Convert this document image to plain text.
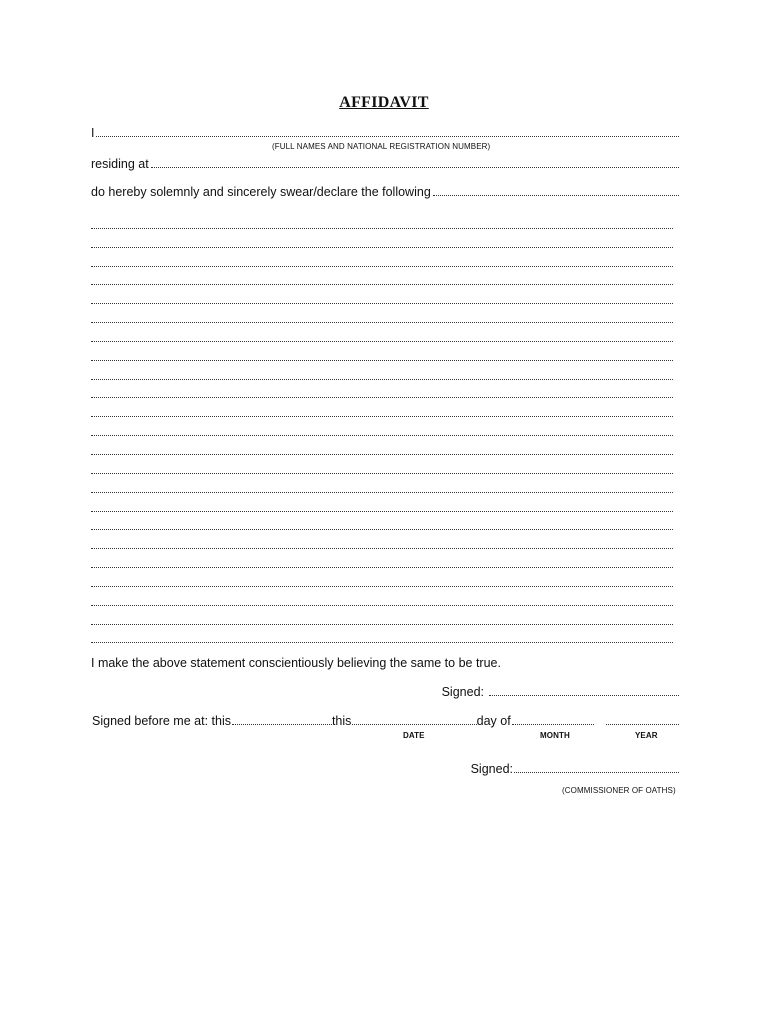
AFFIDAVIT
I
(FULL NAMES AND NATIONAL REGISTRATION NUMBER)
residing at
do hereby solemnly and sincerely swear/declare the following
I make the above statement conscientiously believing the same to be true.
Signed:
Signed before me at: this	this	day of
DATE	MONTH	YEAR
Signed:
(COMMISSIONER OF OATHS)
